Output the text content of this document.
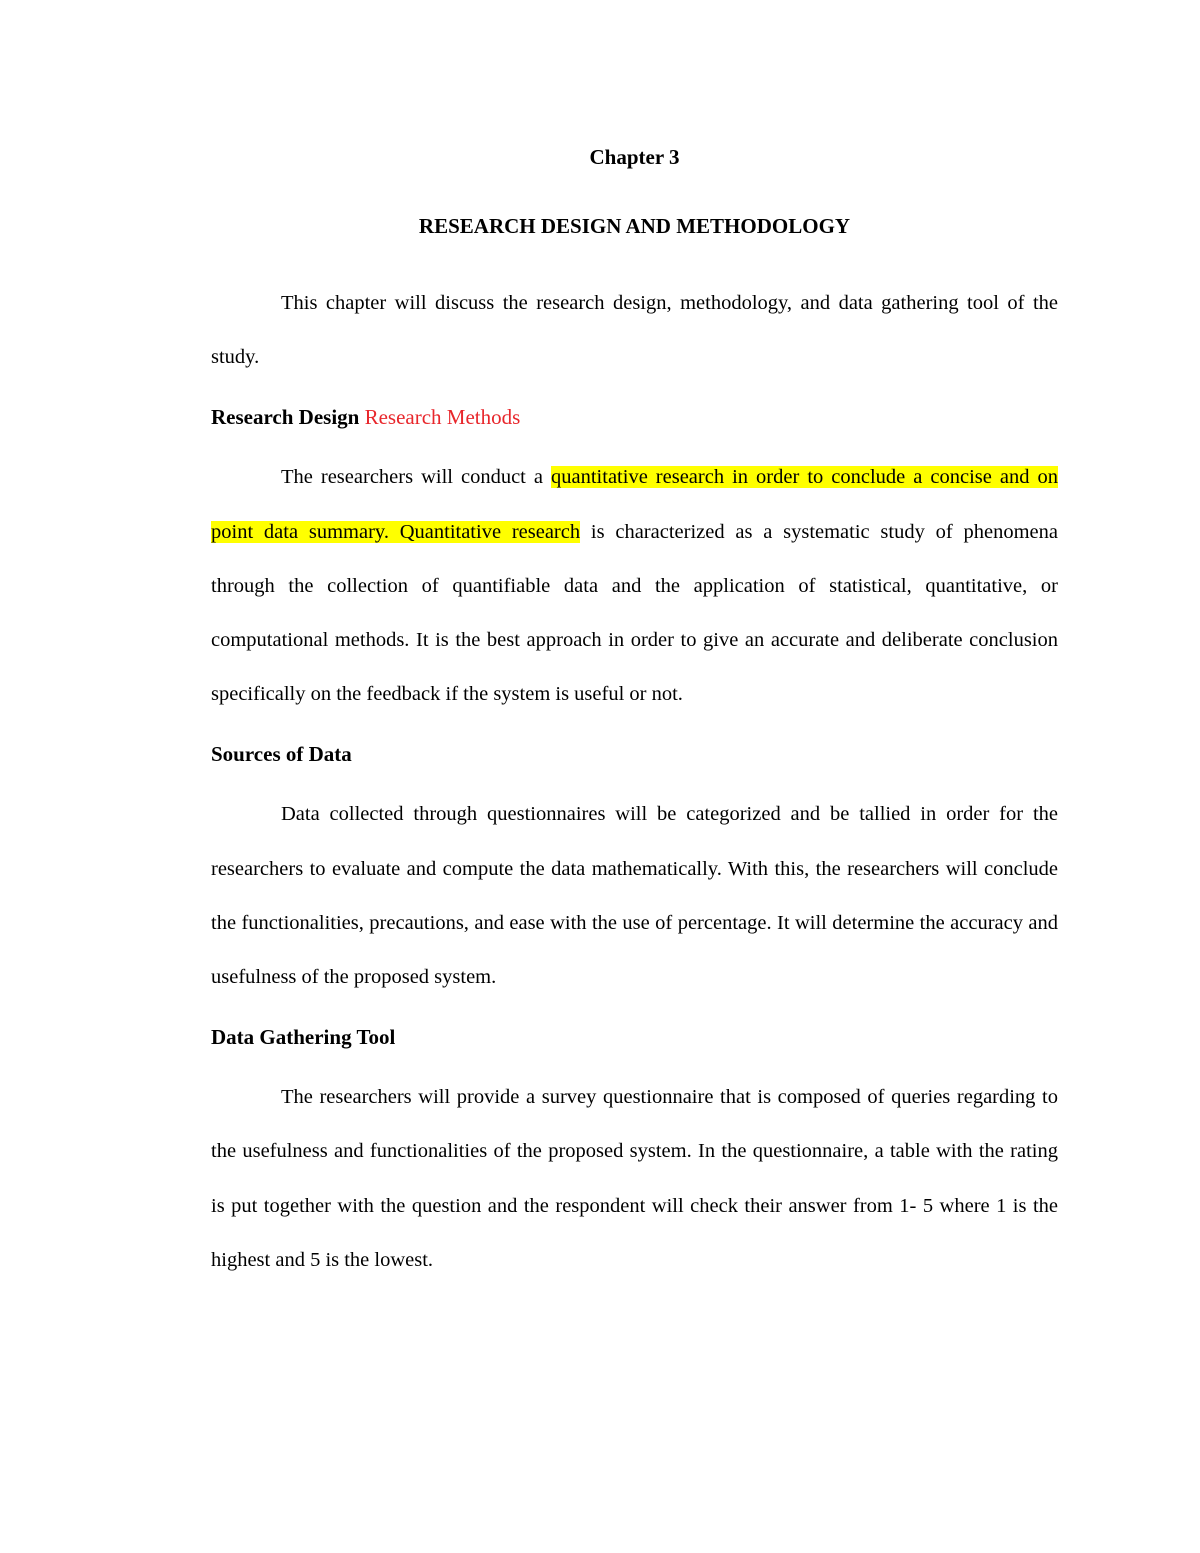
Chapter 3

RESEARCH DESIGN AND METHODOLOGY

This chapter will discuss the research design, methodology, and data gathering tool of the study.

Research Design Research Methods

The researchers will conduct a quantitative research in order to conclude a concise and on point data summary. Quantitative research is characterized as a systematic study of phenomena through the collection of quantifiable data and the application of statistical, quantitative, or computational methods. It is the best approach in order to give an accurate and deliberate conclusion specifically on the feedback if the system is useful or not.

Sources of Data

Data collected through questionnaires will be categorized and be tallied in order for the researchers to evaluate and compute the data mathematically. With this, the researchers will conclude the functionalities, precautions, and ease with the use of percentage. It will determine the accuracy and usefulness of the proposed system.

Data Gathering Tool

The researchers will provide a survey questionnaire that is composed of queries regarding to the usefulness and functionalities of the proposed system. In the questionnaire, a table with the rating is put together with the question and the respondent will check their answer from 1- 5 where 1 is the highest and 5 is the lowest.
